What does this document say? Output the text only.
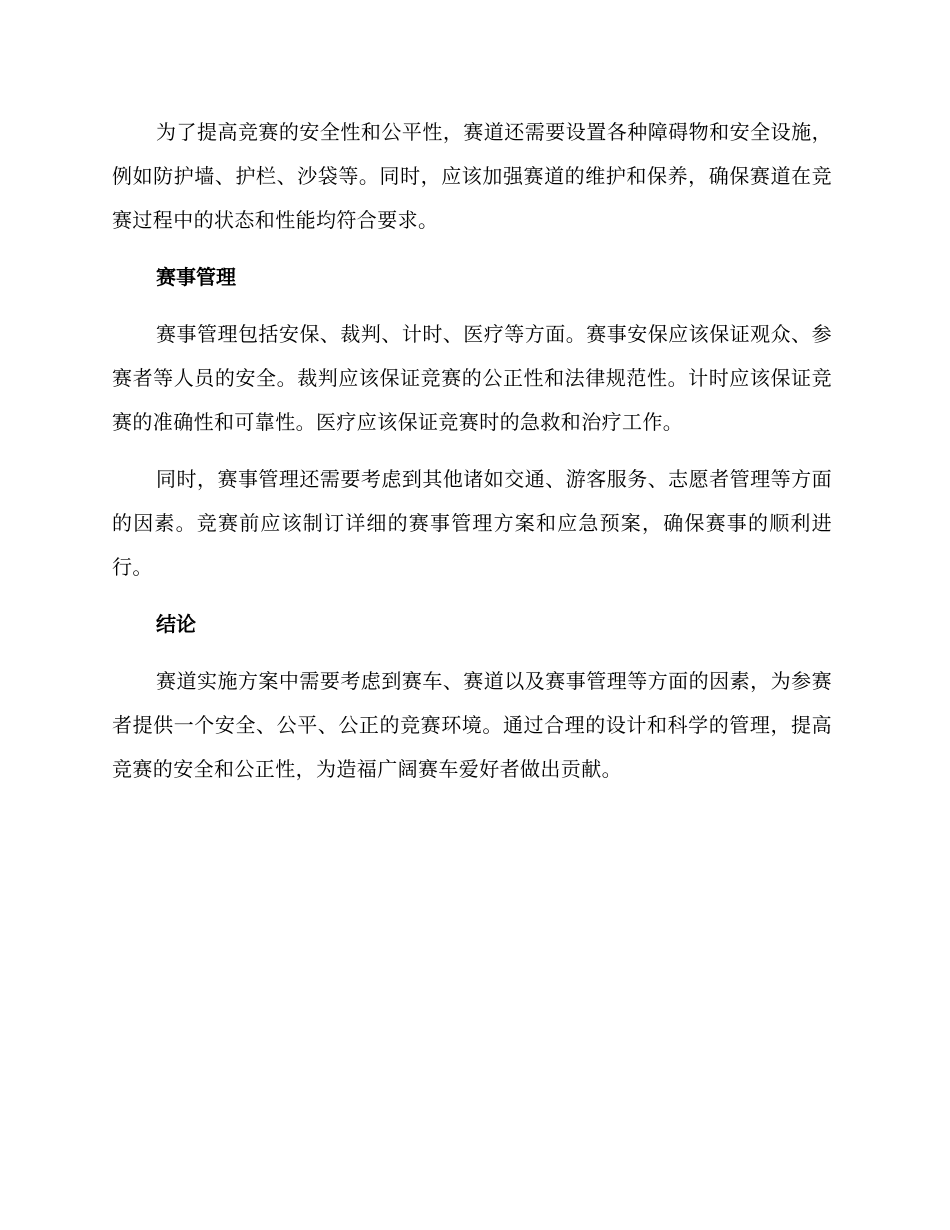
为了提高竞赛的安全性和公平性，赛道还需要设置各种障碍物和安全设施，例如防护墙、护栏、沙袋等。同时，应该加强赛道的维护和保养，确保赛道在竞赛过程中的状态和性能均符合要求。

赛事管理

赛事管理包括安保、裁判、计时、医疗等方面。赛事安保应该保证观众、参赛者等人员的安全。裁判应该保证竞赛的公正性和法律规范性。计时应该保证竞赛的准确性和可靠性。医疗应该保证竞赛时的急救和治疗工作。

同时，赛事管理还需要考虑到其他诸如交通、游客服务、志愿者管理等方面的因素。竞赛前应该制订详细的赛事管理方案和应急预案，确保赛事的顺利进行。

结论

赛道实施方案中需要考虑到赛车、赛道以及赛事管理等方面的因素，为参赛者提供一个安全、公平、公正的竞赛环境。通过合理的设计和科学的管理，提高竞赛的安全和公正性，为造福广阔赛车爱好者做出贡献。
